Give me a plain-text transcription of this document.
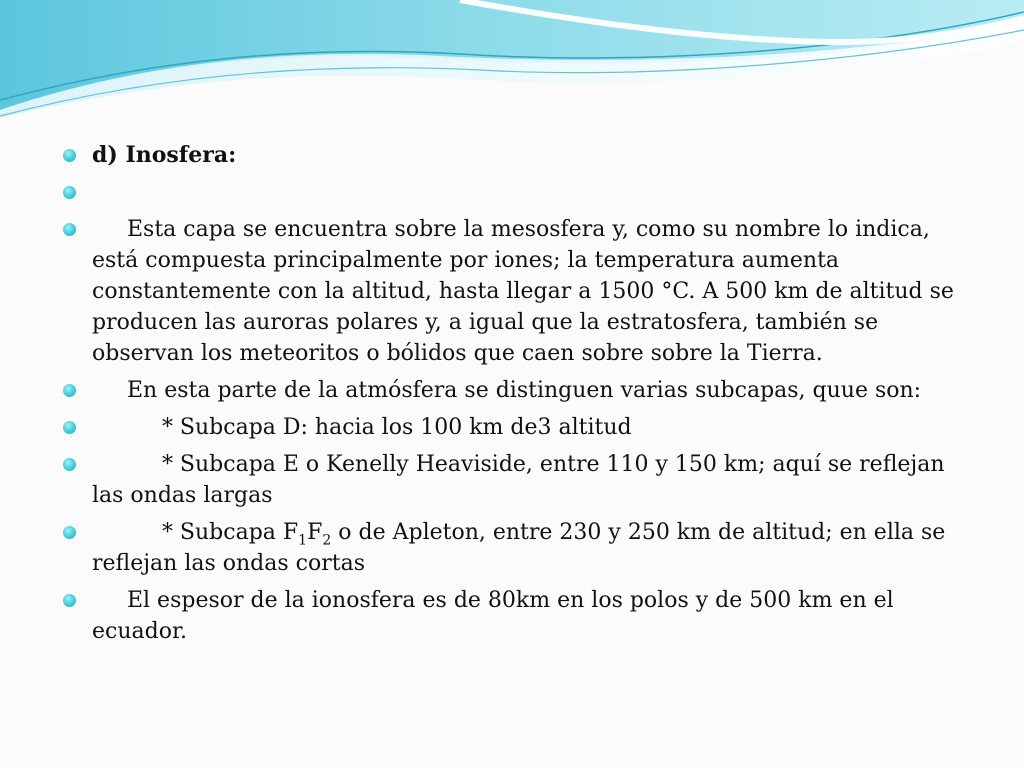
d) Inosfera:
Esta capa se encuentra sobre la mesosfera y, como su nombre lo indica, está compuesta principalmente por iones; la temperatura aumenta constantemente con la altitud, hasta llegar a 1500 °C. A 500 km de altitud se producen las auroras polares y, a igual que la estratosfera, también se observan los meteoritos o bólidos que caen sobre sobre la Tierra.
En esta parte de la atmósfera se distinguen varias subcapas, quue son:
* Subcapa D: hacia los 100 km de3 altitud
* Subcapa E o Kenelly Heaviside, entre 110 y 150 km; aquí se reflejan las ondas largas
* Subcapa $F_1F_2$ o de Apleton, entre 230 y 250 km de altitud; en ella se reflejan las ondas cortas
El espesor de la ionosfera es de 80km en los polos y de 500 km en el ecuador.
